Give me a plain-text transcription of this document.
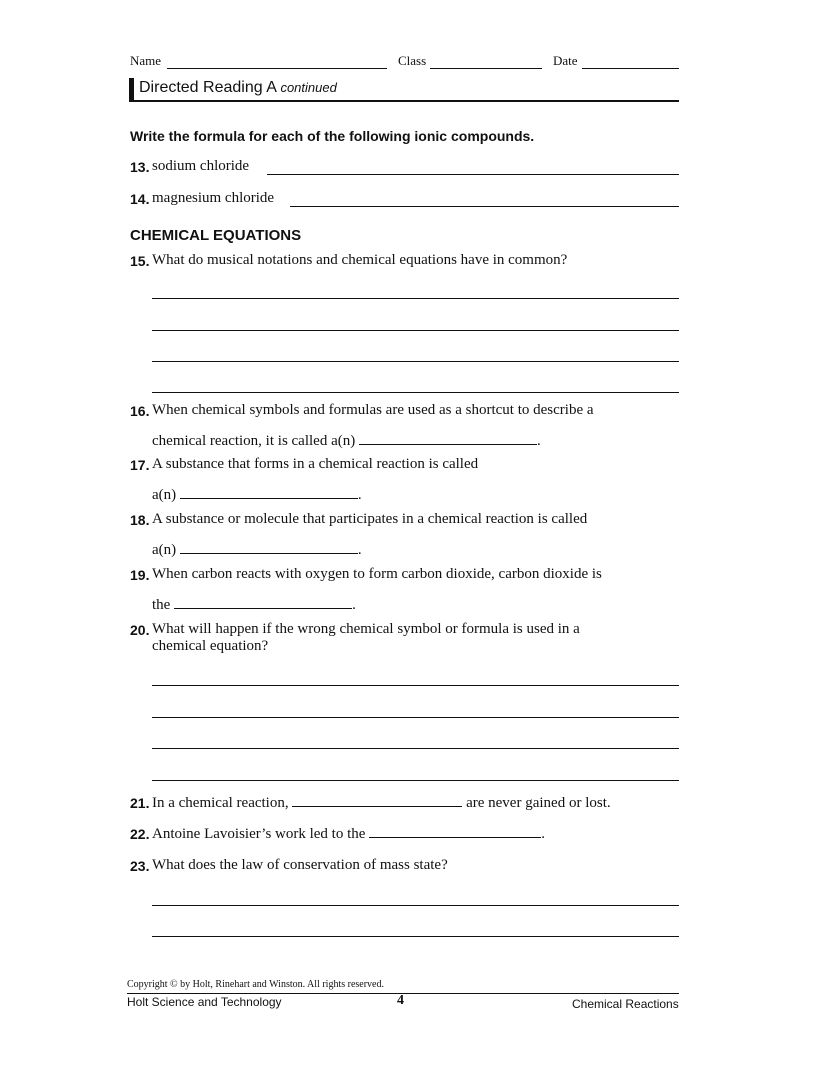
Name	Class	Date
Directed Reading A continued
Write the formula for each of the following ionic compounds.
13. sodium chloride
14. magnesium chloride
CHEMICAL EQUATIONS
15. What do musical notations and chemical equations have in common?
16. When chemical symbols and formulas are used as a shortcut to describe a
chemical reaction, it is called a(n)	.
17. A substance that forms in a chemical reaction is called
a(n)	.
18. A substance or molecule that participates in a chemical reaction is called
a(n)	.
19. When carbon reacts with oxygen to form carbon dioxide, carbon dioxide is
the	.
20. What will happen if the wrong chemical symbol or formula is used in a
chemical equation?
21. In a chemical reaction,	are never gained or lost.
22. Antoine Lavoisier’s work led to the	.
23. What does the law of conservation of mass state?
Copyright © by Holt, Rinehart and Winston. All rights reserved.
Holt Science and Technology	4	Chemical Reactions
